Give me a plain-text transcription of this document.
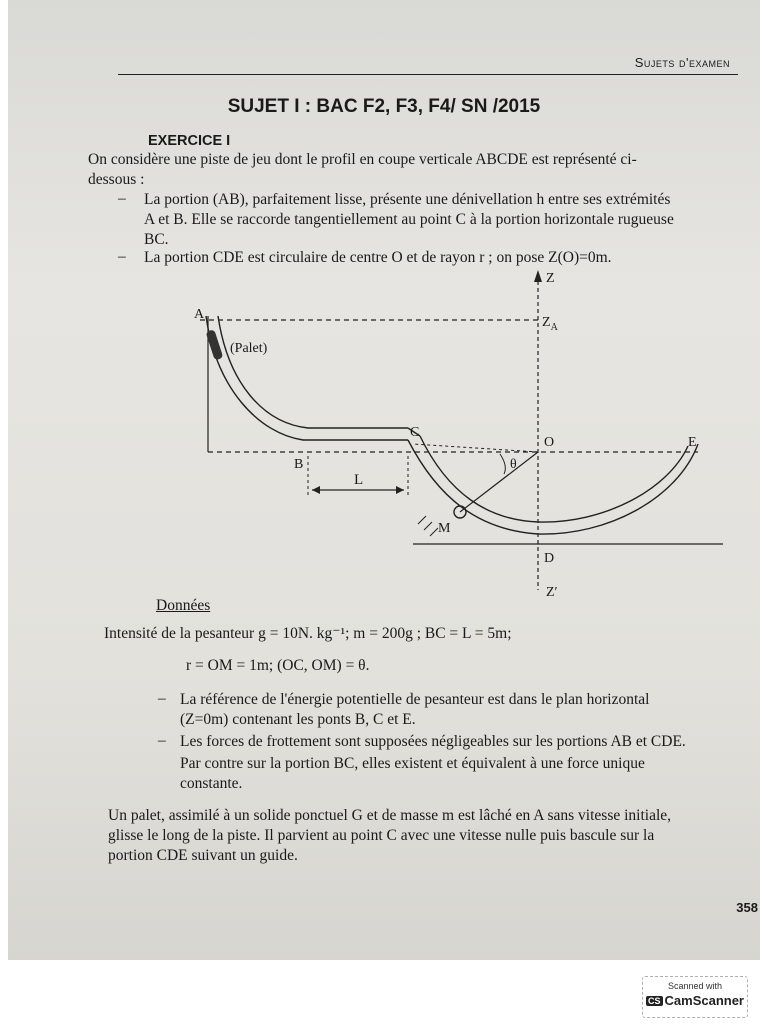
Sujets d'examen
SUJET I : BAC F2, F3, F4/ SN /2015
EXERCICE I
On considère une piste de jeu dont le profil en coupe verticale ABCDE est représenté ci-
dessous :
– La portion (AB), parfaitement lisse, présente une dénivellation h entre ses extrémités
A et B. Elle se raccorde tangentiellement au point C à la portion horizontale rugueuse
BC.
– La portion CDE est circulaire de centre O et de rayon r ; on pose Z(O)=0m.
A
(Palet)
B
C
L
O	E
θ
M
D
Z
Z′
$Z_A$
Données
Intensité de la pesanteur g = 10N. kg⁻¹; m = 200g ; BC = L = 5m;
r = OM = 1m; (OC, OM) = θ.
– La référence de l'énergie potentielle de pesanteur est dans le plan horizontal
(Z=0m) contenant les ponts B, C et E.
– Les forces de frottement sont supposées négligeables sur les portions AB et CDE.
Par contre sur la portion BC, elles existent et équivalent à une force unique
constante.
Un palet, assimilé à un solide ponctuel G et de masse m est lâché en A sans vitesse initiale,
glisse le long de la piste. Il parvient au point C avec une vitesse nulle puis bascule sur la
portion CDE suivant un guide.
358
Scanned with
CS CamScanner
